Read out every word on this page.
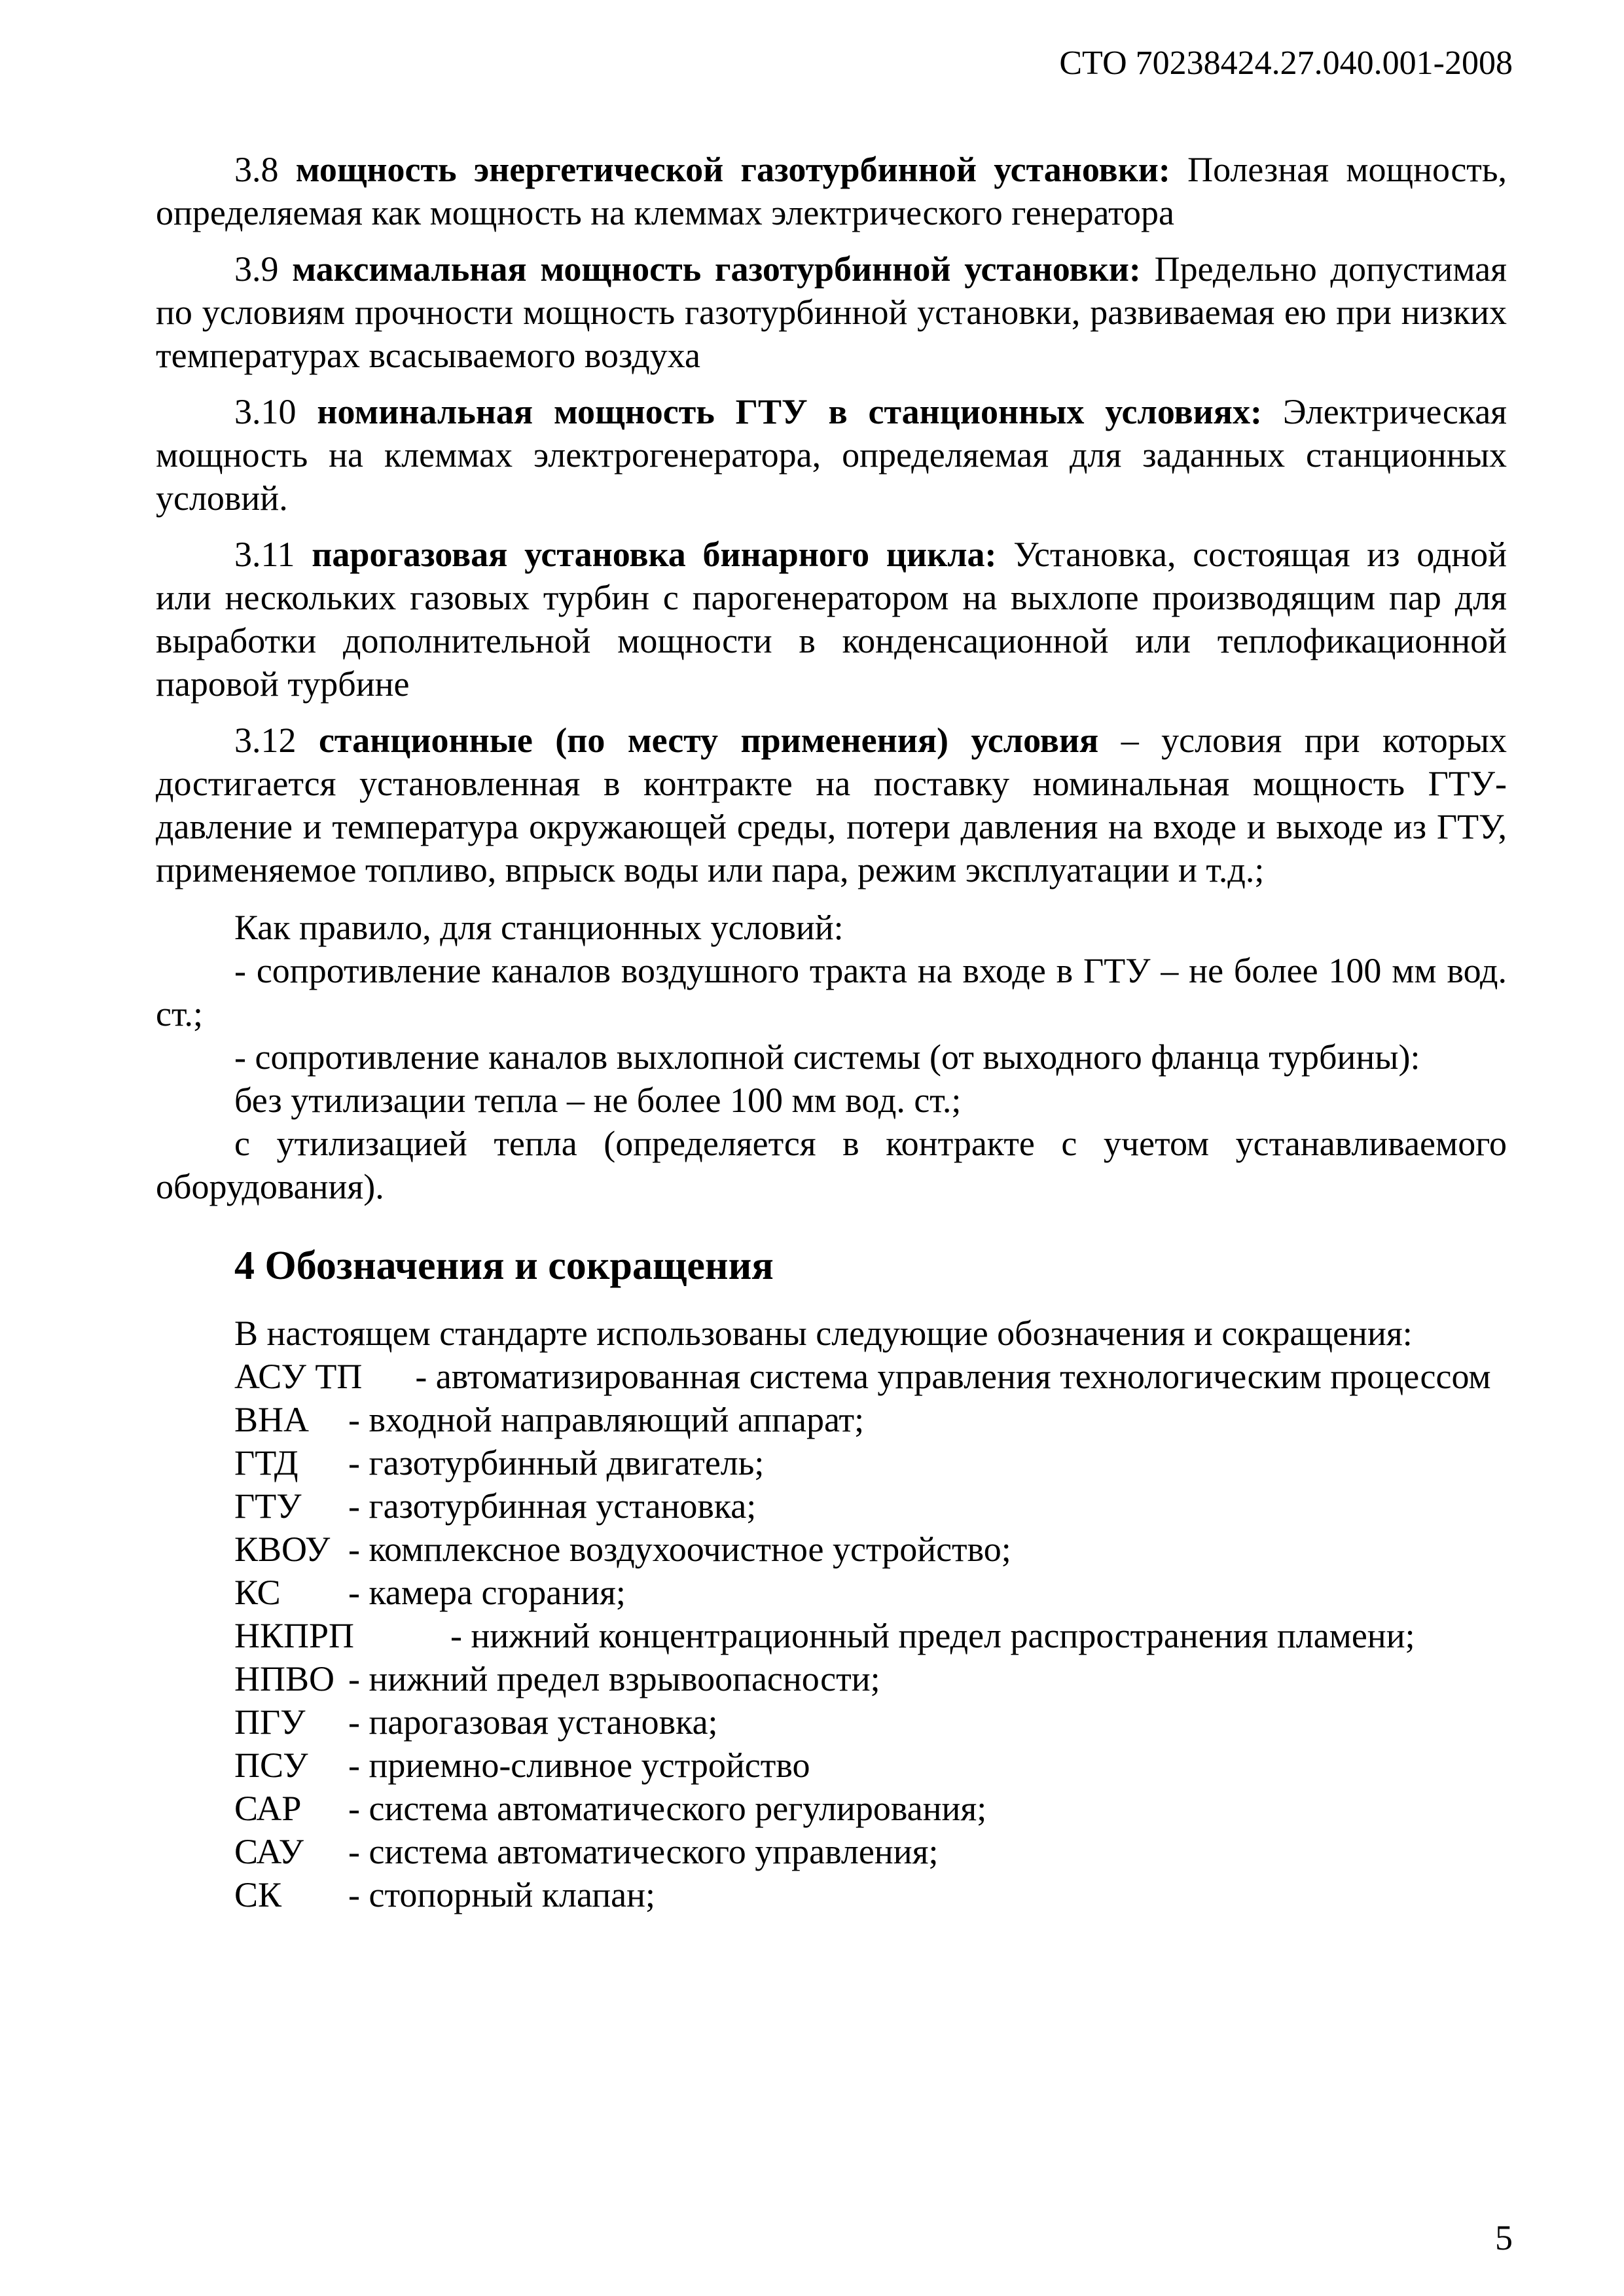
СТО 70238424.27.040.001-2008

3.8 мощность энергетической газотурбинной установки: Полезная мощность, определяемая как мощность на клеммах электрического генератора

3.9 максимальная мощность газотурбинной установки: Предельно допустимая по условиям прочности мощность газотурбинной установки, развиваемая ею при низких температурах всасываемого воздуха

3.10 номинальная мощность ГТУ в станционных условиях: Электрическая мощность на клеммах электрогенератора, определяемая для заданных станционных условий.

3.11 парогазовая установка бинарного цикла: Установка, состоящая из одной или нескольких газовых турбин с парогенератором на выхлопе производящим пар для выработки дополнительной мощности в конденсационной или теплофикационной паровой турбине

3.12 станционные (по месту применения) условия – условия при которых достигается установленная в контракте на поставку номинальная мощность ГТУ- давление и температура окружающей среды, потери давления на входе и выходе из ГТУ, применяемое топливо, впрыск воды или пара, режим эксплуатации и т.д.;

Как правило, для станционных условий:

- сопротивление каналов воздушного тракта на входе в ГТУ – не более 100 мм вод. ст.;

- сопротивление каналов выхлопной системы (от выходного фланца турбины):

без утилизации тепла – не более 100 мм вод. ст.;

с утилизацией тепла (определяется в контракте с учетом устанавливаемого оборудования).

4 Обозначения и сокращения

В настоящем стандарте использованы следующие обозначения и сокращения:

АСУ ТП - автоматизированная система управления технологическим процессом

ВНА - входной направляющий аппарат;
ГТД - газотурбинный двигатель;
ГТУ - газотурбинная установка;
КВОУ - комплексное воздухоочистное устройство;
КС - камера сгорания;
НКПРП	- нижний концентрационный предел распространения пламени;
НПВО - нижний предел взрывоопасности;
ПГУ - парогазовая установка;
ПСУ - приемно-сливное устройство
САР - система автоматического регулирования;
САУ - система автоматического управления;
СК - стопорный клапан;
5
